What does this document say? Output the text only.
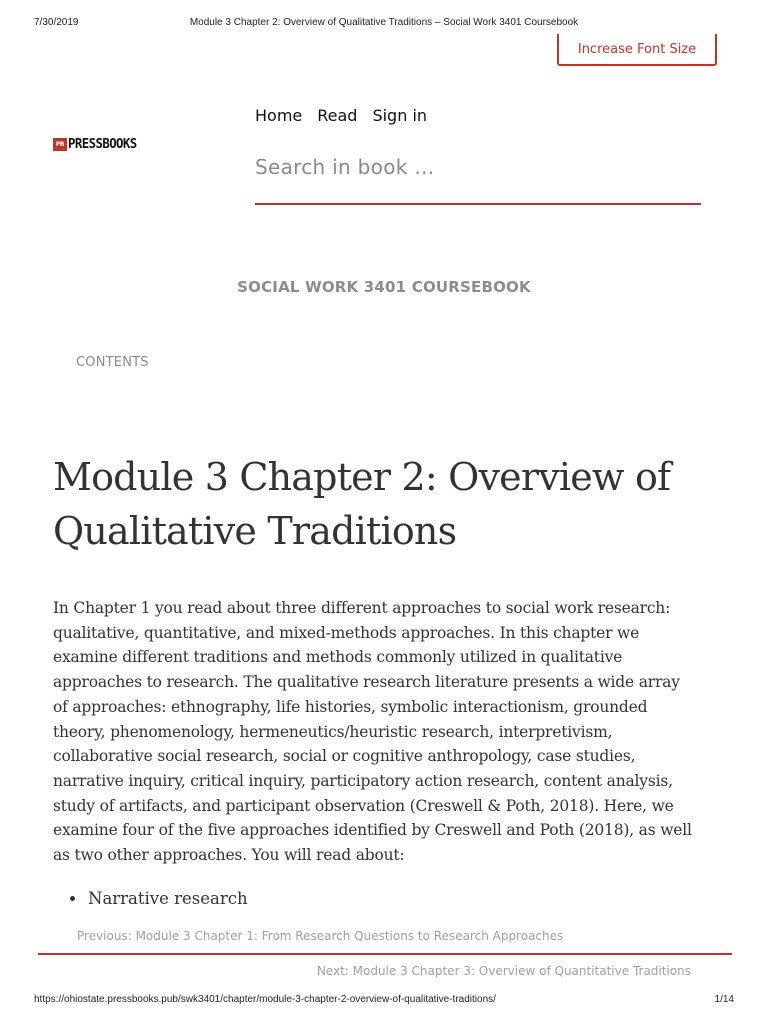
7/30/2019	Module 3 Chapter 2: Overview of Qualitative Traditions – Social Work 3401 Coursebook
Increase Font Size
PB PRESSBOOKS
Home Read Sign in
Search in book …
SOCIAL WORK 3401 COURSEBOOK
CONTENTS
Module 3 Chapter 2: Overview of
Qualitative Traditions
In Chapter 1 you read about three different approaches to social work research:
qualitative, quantitative, and mixed-methods approaches. In this chapter we
examine different traditions and methods commonly utilized in qualitative
approaches to research. The qualitative research literature presents a wide array
of approaches: ethnography, life histories, symbolic interactionism, grounded
theory, phenomenology, hermeneutics/heuristic research, interpretivism,
collaborative social research, social or cognitive anthropology, case studies,
narrative inquiry, critical inquiry, participatory action research, content analysis,
study of artifacts, and participant observation (Creswell & Poth, 2018). Here, we
examine four of the five approaches identified by Creswell and Poth (2018), as well
as two other approaches. You will read about:
Narrative research
Previous: Module 3 Chapter 1: From Research Questions to Research Approaches
Next: Module 3 Chapter 3: Overview of Quantitative Traditions
https://ohiostate.pressbooks.pub/swk3401/chapter/module-3-chapter-2-overview-of-qualitative-traditions/	1/14
